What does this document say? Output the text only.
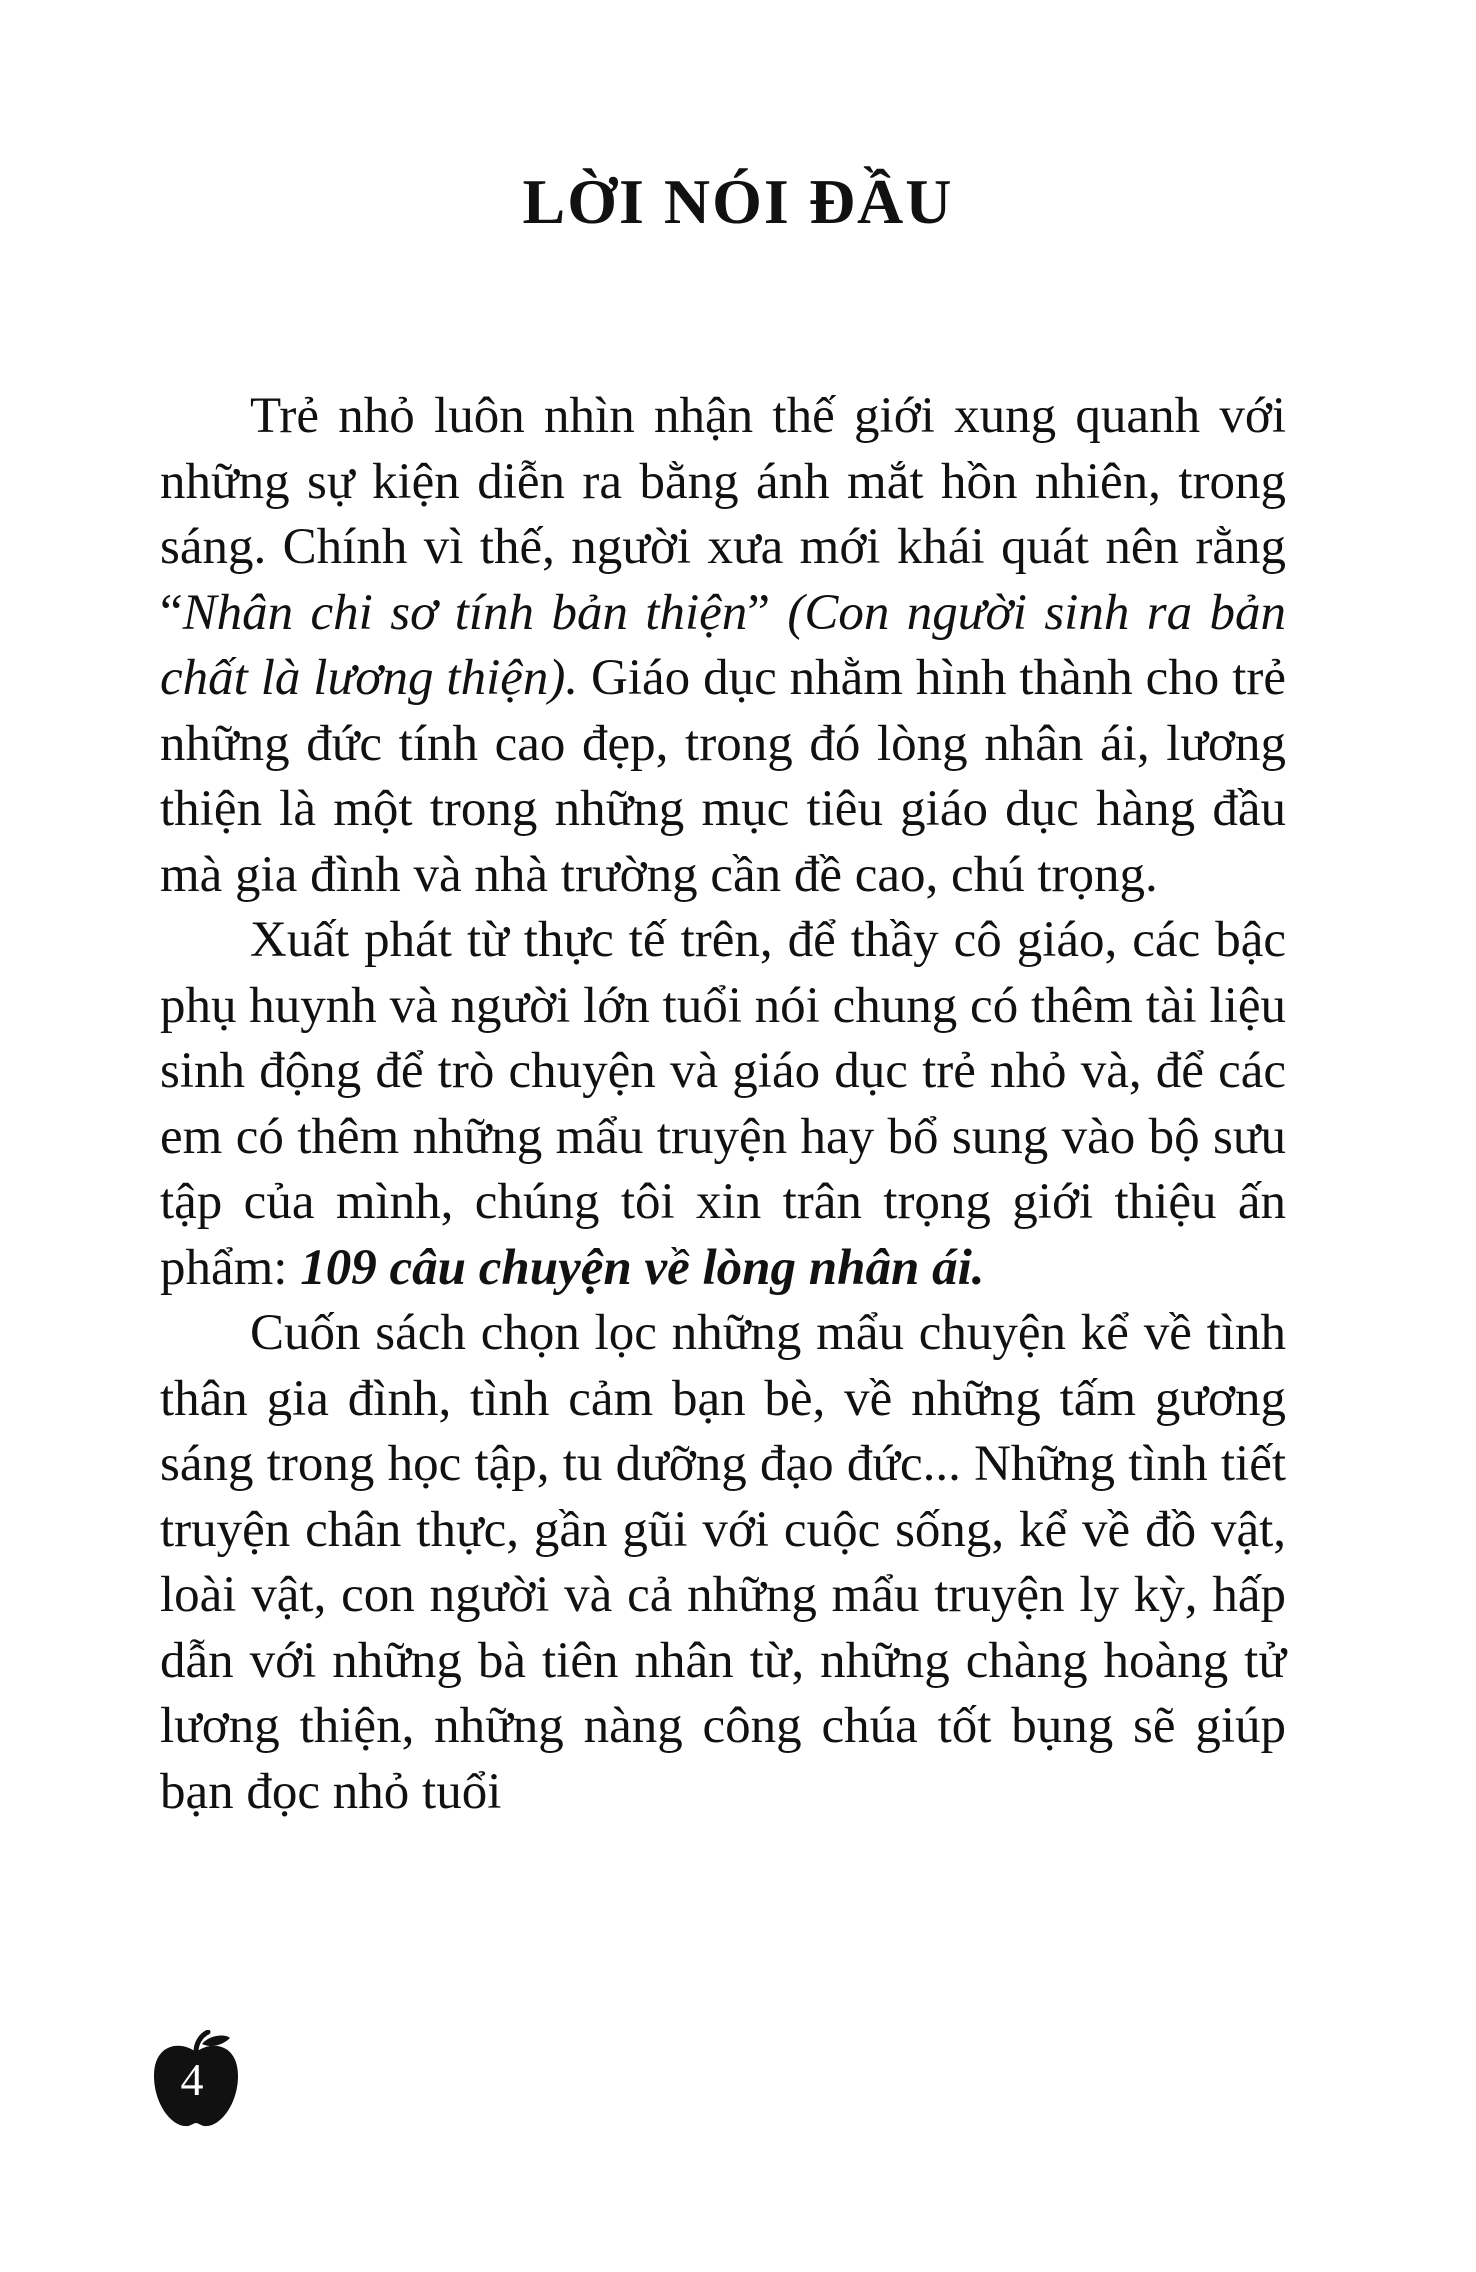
LỜI NÓI ĐẦU

Trẻ nhỏ luôn nhìn nhận thế giới xung quanh với những sự kiện diễn ra bằng ánh mắt hồn nhiên, trong sáng. Chính vì thế, người xưa mới khái quát nên rằng “Nhân chi sơ tính bản thiện” (Con người sinh ra bản chất là lương thiện). Giáo dục nhằm hình thành cho trẻ những đức tính cao đẹp, trong đó lòng nhân ái, lương thiện là một trong những mục tiêu giáo dục hàng đầu mà gia đình và nhà trường cần đề cao, chú trọng.

Xuất phát từ thực tế trên, để thầy cô giáo, các bậc phụ huynh và người lớn tuổi nói chung có thêm tài liệu sinh động để trò chuyện và giáo dục trẻ nhỏ và, để các em có thêm những mẩu truyện hay bổ sung vào bộ sưu tập của mình, chúng tôi xin trân trọng giới thiệu ấn phẩm: 109 câu chuyện về lòng nhân ái.

Cuốn sách chọn lọc những mẩu chuyện kể về tình thân gia đình, tình cảm bạn bè, về những tấm gương sáng trong học tập, tu dưỡng đạo đức... Những tình tiết truyện chân thực, gần gũi với cuộc sống, kể về đồ vật, loài vật, con người và cả những mẩu truyện ly kỳ, hấp dẫn với những bà tiên nhân từ, những chàng hoàng tử lương thiện, những nàng công chúa tốt bụng sẽ giúp bạn đọc nhỏ tuổi

4
